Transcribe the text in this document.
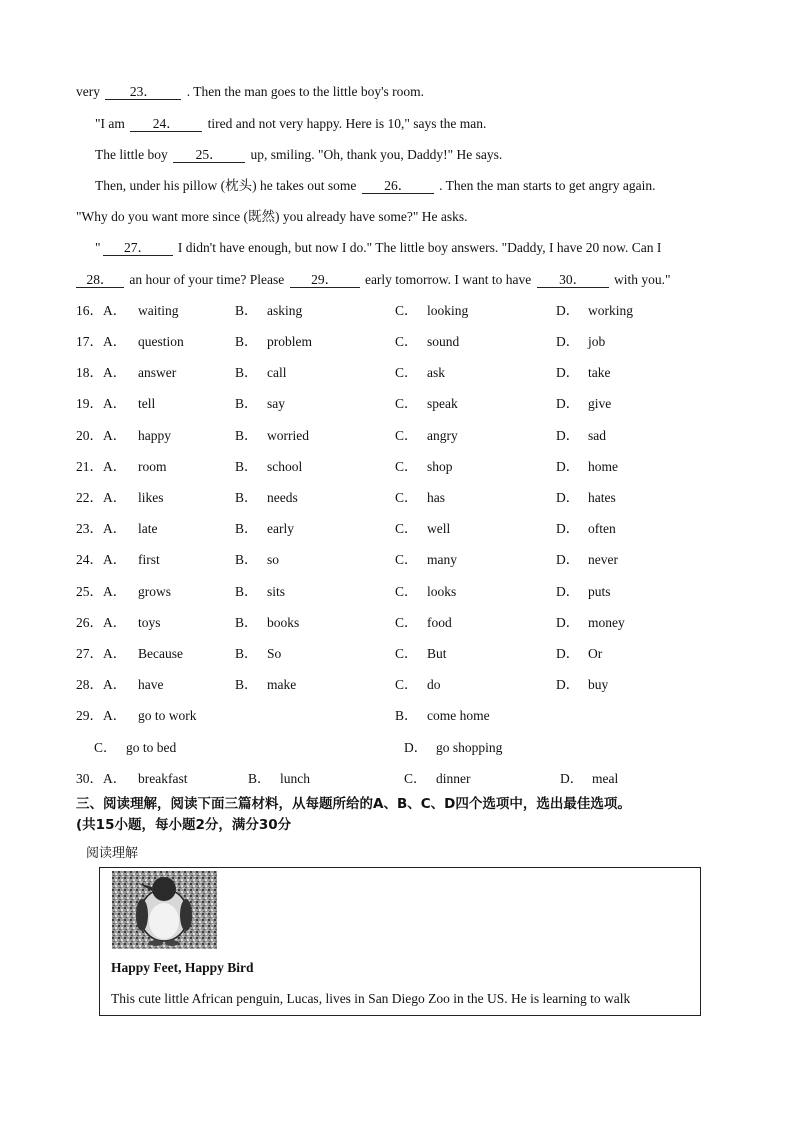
very 23． . Then the man goes to the little boy's room.
"I am 24． tired and not very happy. Here is 10," says the man.
The little boy 25． up, smiling. "Oh, thank you, Daddy!" He says.
Then, under his pillow (枕头) he takes out some 26． . Then the man starts to get angry again.
"Why do you want more since (既然) you already have some?" He asks.
" 27． I didn't have enough, but now I do." The little boy answers. "Daddy, I have 20 now. Can I
28． an hour of your time? Please 29． early tomorrow. I want to have 30． with you."
16．A． waiting	B． asking	C． looking	D． working
17．A． question	B． problem	C． sound	D． job
18．A． answer	B． call	C． ask	D． take
19．A． tell	B． say	C． speak	D． give
20．A． happy	B． worried	C． angry	D． sad
21．A． room	B． school	C． shop	D． home
22．A． likes	B． needs	C． has	D． hates
23．A． late	B． early	C． well	D． often
24．A． first	B． so	C． many	D． never
25．A． grows	B． sits	C． looks	D． puts
26．A． toys	B． books	C． food	D． money
27．A． Because	B． So	C． But	D． Or
28．A． have	B． make	C． do	D． buy
29．A． go to work	B． come home
C． go to bed	D． go shopping
30．A． breakfast	B． lunch	C． dinner	D． meal
三、阅读理解，阅读下面三篇材料，从每题所给的A、B、C、D四个选项中，选出最佳选项。
(共15小题，每小题2分，满分30分
阅读理解
Happy Feet, Happy Bird
This cute little African penguin, Lucas, lives in San Diego Zoo in the US. He is learning to walk
